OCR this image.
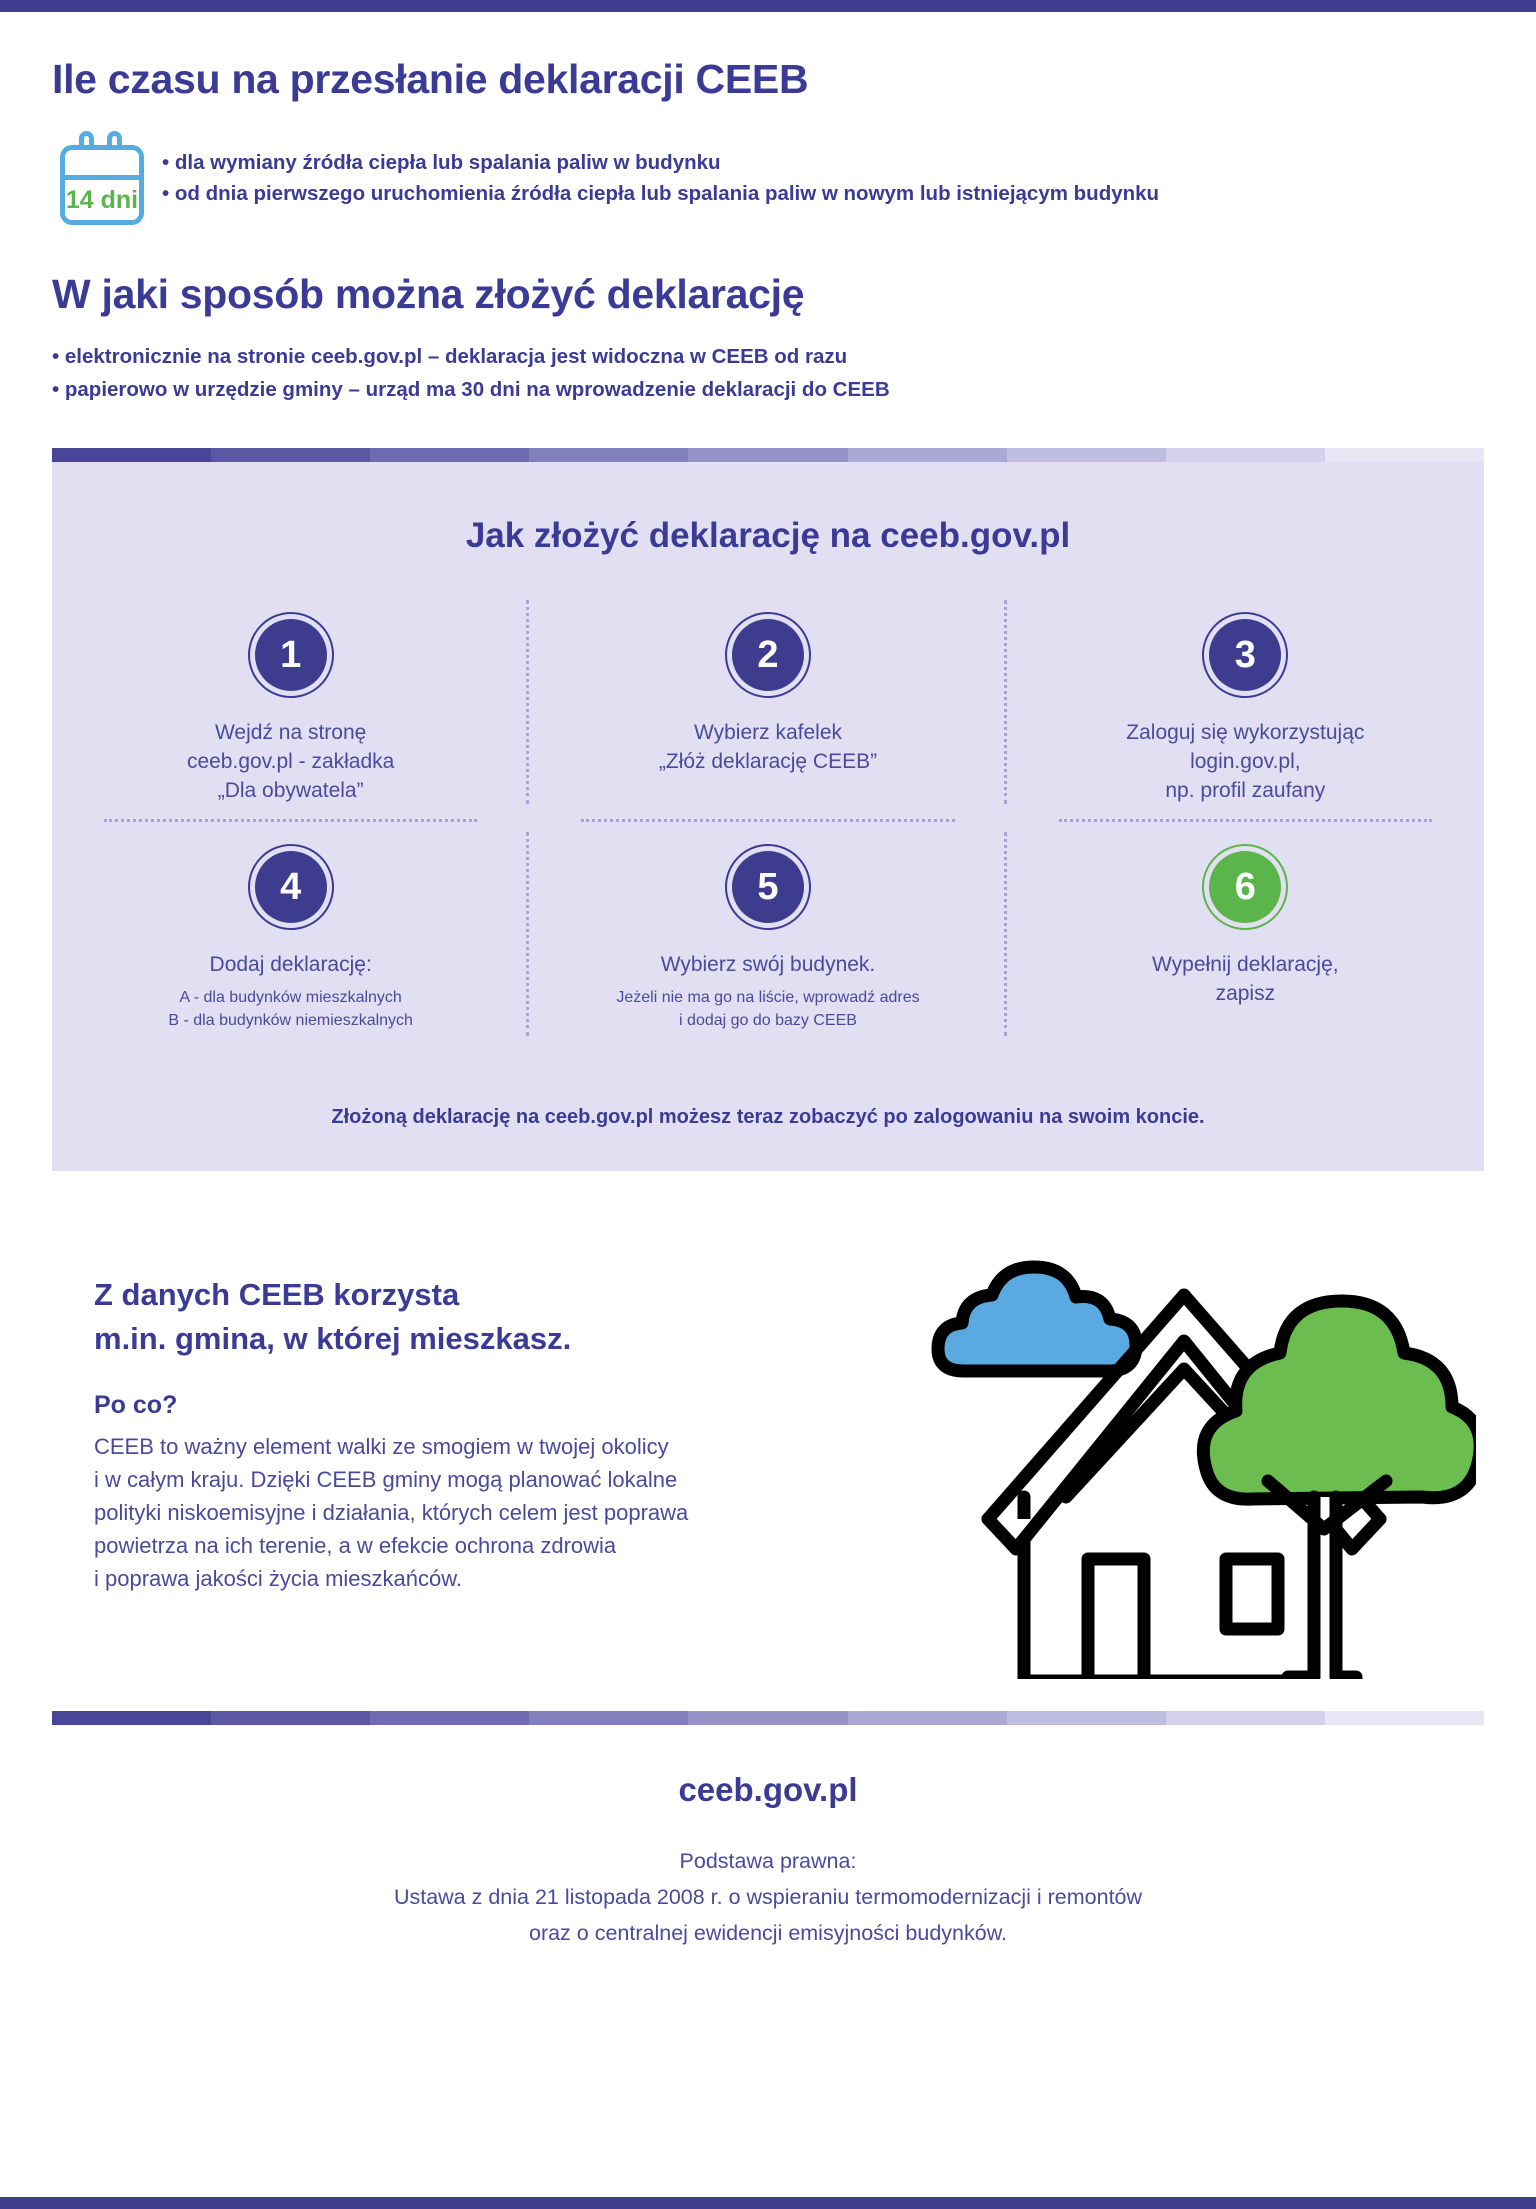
Ile czasu na przesłanie deklaracji CEEB
14 dni
• dla wymiany źródła ciepła lub spalania paliw w budynku
• od dnia pierwszego uruchomienia źródła ciepła lub spalania paliw w nowym lub istniejącym budynku
W jaki sposób można złożyć deklarację
• elektronicznie na stronie ceeb.gov.pl – deklaracja jest widoczna w CEEB od razu
• papierowo w urzędzie gminy – urząd ma 30 dni na wprowadzenie deklaracji do CEEB
Jak złożyć deklarację na ceeb.gov.pl
1
Wejdź na stronę
ceeb.gov.pl - zakładka
„Dla obywatela”
2
Wybierz kafelek
„Złóż deklarację CEEB”
3
Zaloguj się wykorzystując
login.gov.pl,
np. profil zaufany
4
Dodaj deklarację:
A - dla budynków mieszkalnych
B - dla budynków niemieszkalnych
5
Wybierz swój budynek.
Jeżeli nie ma go na liście, wprowadź adres
i dodaj go do bazy CEEB
6
Wypełnij deklarację,
zapisz
Złożoną deklarację na ceeb.gov.pl możesz teraz zobaczyć po zalogowaniu na swoim koncie.
Z danych CEEB korzysta
m.in. gmina, w której mieszkasz.
Po co?

CEEB to ważny element walki ze smogiem w twojej okolicy
i w całym kraju. Dzięki CEEB gminy mogą planować lokalne
polityki niskoemisyjne i działania, których celem jest poprawa
powietrza na ich terenie, a w efekcie ochrona zdrowia
i poprawa jakości życia mieszkańców.

ceeb.gov.pl
Podstawa prawna:
Ustawa z dnia 21 listopada 2008 r. o wspieraniu termomodernizacji i remontów
oraz o centralnej ewidencji emisyjności budynków.
